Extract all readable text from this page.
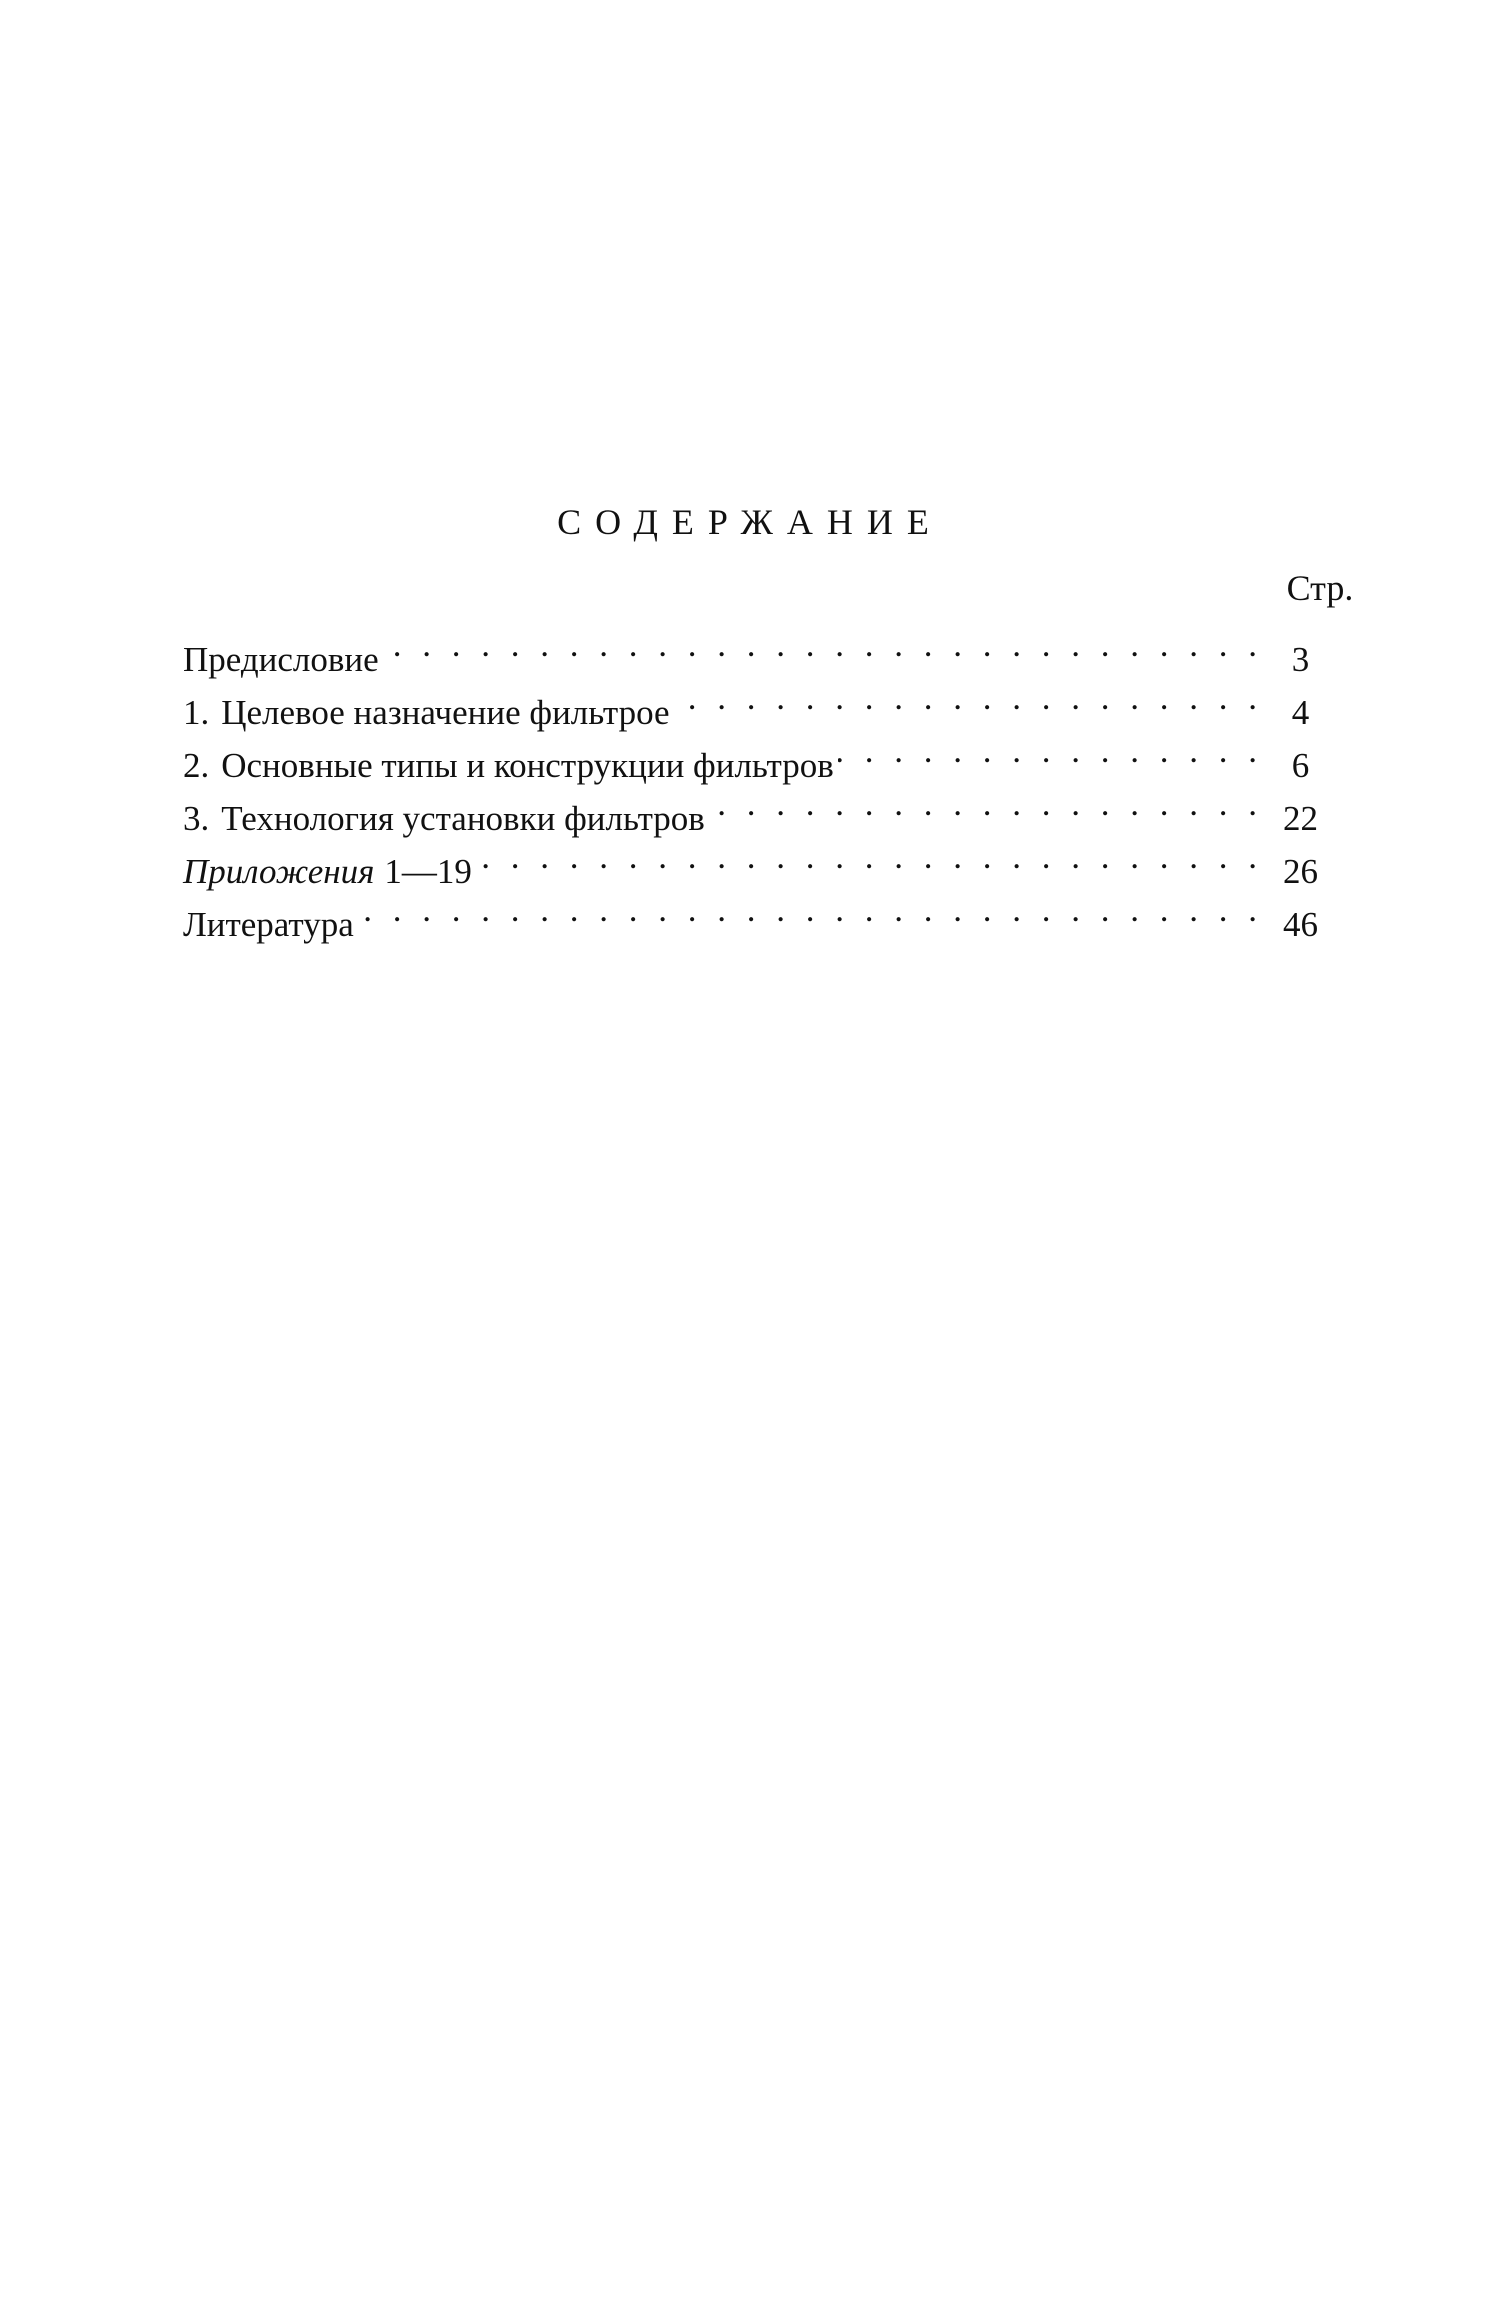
СОДЕРЖАНИЕ
Стр.
Предисловие . . .	3
1. Целевое назначение фильтрое . . .	4
2. Основные типы и конструкции фильтров . . .	6
3. Технология установки фильтров . . .	22
Приложения 1—19 . . .	26
Литература . . .	46
